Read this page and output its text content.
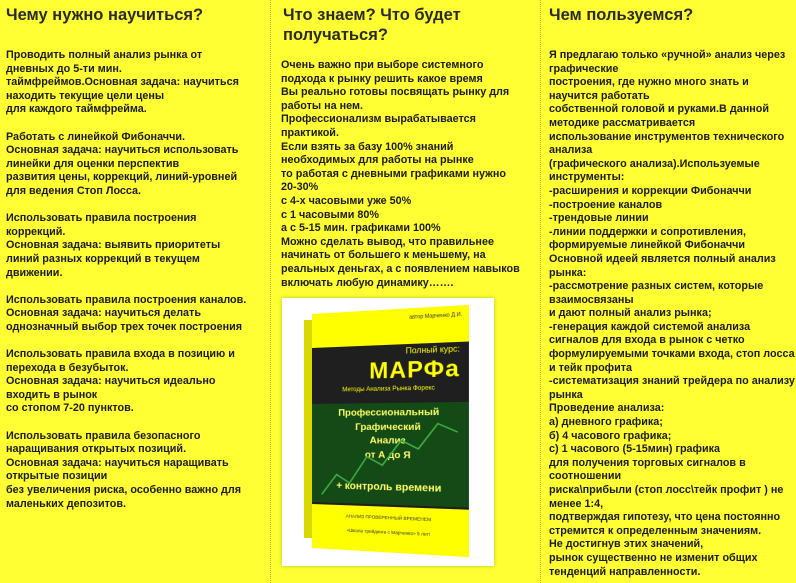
Чему нужно научиться?
Проводить полный анализ рынка от
дневных до 5-ти мин.
таймфреймов.Основная задача: научиться
находить текущие цели цены
для каждого таймфрейма.
Работать с линейкой Фибоначчи.
Основная задача: научиться использовать
линейки для оценки перспектив
развития цены, коррекций, линий-уровней
для ведения Стоп Лосса.
Использовать правила построения
коррекций.
Основная задача: выявить приоритеты
линий разных коррекций в текущем
движении.
Использовать правила построения каналов.
Основная задача: научиться делать
однозначный выбор трех точек построения
Использовать правила входа в позицию и
перехода в безубыток.
Основная задача: научиться идеально
входить в рынок
со стопом 7-20 пунктов.
Использовать правила безопасного
наращивания открытых позиций.
Основная задача: научиться наращивать
открытые позиции
без увеличения риска, особенно важно для
маленьких депозитов.
Что знаем? Что будет
получаться?
Очень важно при выборе системного
подхода к рынку решить какое время
Вы реально готовы посвящать рынку для
работы на нем.
Профессионализм вырабатывается
практикой.
Если взять за базу 100% знаний
необходимых для работы на рынке
то работая с дневными графиками нужно
20-30%
с 4-х часовыми уже 50%
с 1 часовыми 80%
а с 5-15 мин. графиками 100%
Можно сделать вывод, что правильнее
начинать от большего к меньшему, на
реальных деньгах, а с появлением навыков
включать любую динамику…….
Чем пользуемся?
Я предлагаю только «ручной» анализ через
графические
построения, где нужно много знать и
научится работать
собственной головой и руками.В данной
методике рассматривается
использование инструментов технического
анализа
(графического анализа).Используемые
инструменты:
-расширения и коррекции Фибоначчи
-построение каналов
-трендовые линии
-линии поддержки и сопротивления,
формируемые линейкой Фибоначчи
Основной идеей является полный анализ
рынка:
-рассмотрение разных систем, которые
взаимосвязаны
и дают полный анализ рынка;
-генерация каждой системой анализа
сигналов для входа в рынок с четко
формулируемыми точками входа, стоп лосса
и тейк профита
-систематизация знаний трейдера по анализу
рынка
Проведение анализа:
а) дневного графика;
б) 4 часового графика;
с) 1 часового (5-15мин) графика
для получения торговых сигналов в
соотношении
риска\прибыли (стоп лосс\тейк профит ) не
менее 1:4,
подтверждая гипотезу, что цена постоянно
стремится к определенным значениям.
Не достигнув этих значений,
рынок существенно не изменит общих
тенденций направленности.
автор Марченко Д.И.
Полный курс:
МАРФа
Методы Анализа Рынка Форекс
Профессиональный
Графический
Анализ
от А до Я
+ контроль времени
АНАЛИЗ ПРОВЕРЕННЫЙ ВРЕМЕНЕМ
«Школа трейдинга с Марченко» 5 лет!
